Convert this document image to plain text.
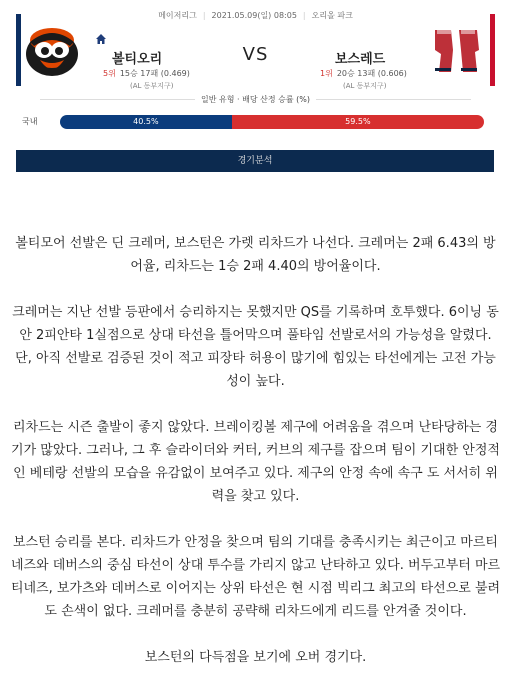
메이저리그 | 2021.05.09(일) 08:05 | 오리올 파크
볼티오리	VS	보스레드
5위 15승 17패 (0.469)
(AL 동부지구)
1위 20승 13패 (0.606)
(AL 동부지구)
일반 유형 · 배당 산정 승률 (%)
국내	40.5%	59.5%
경기분석

볼티모어 선발은 딘 크레머, 보스턴은 가렛 리차드가 나선다. 크레머는 2패 6.43의 방어율, 리차드는 1승 2패 4.40의 방어율이다.

크레머는 지난 선발 등판에서 승리하지는 못했지만 QS를 기록하며 호투했다. 6이닝 동안 2피안타 1실점으로 상대 타선을 틀어막으며 풀타임 선발로서의 가능성을 알렸다. 단, 아직 선발로 검증된 것이 적고 피장타 허용이 많기에 힘있는 타선에게는 고전 가능성이 높다.

리차드는 시즌 출발이 좋지 않았다. 브레이킹볼 제구에 어려움을 겪으며 난타당하는 경기가 많았다. 그러나, 그 후 슬라이더와 커터, 커브의 제구를 잡으며 팀이 기대한 안정적인 베테랑 선발의 모습을 유감없이 보여주고 있다. 제구의 안정 속에 속구 도 서서히 위력을 찾고 있다.

보스턴 승리를 본다. 리차드가 안정을 찾으며 팀의 기대를 충족시키는 최근이고 마르티네즈와 데버스의 중심 타선이 상대 투수를 가리지 않고 난타하고 있다. 버두고부터 마르티네즈, 보가츠와 데버스로 이어지는 상위 타선은 현 시점 빅리그 최고의 타선으로 불려도 손색이 없다. 크레머를 충분히 공략해 리차드에게 리드를 안겨줄 것이다.

보스턴의 다득점을 보기에 오버 경기다.
